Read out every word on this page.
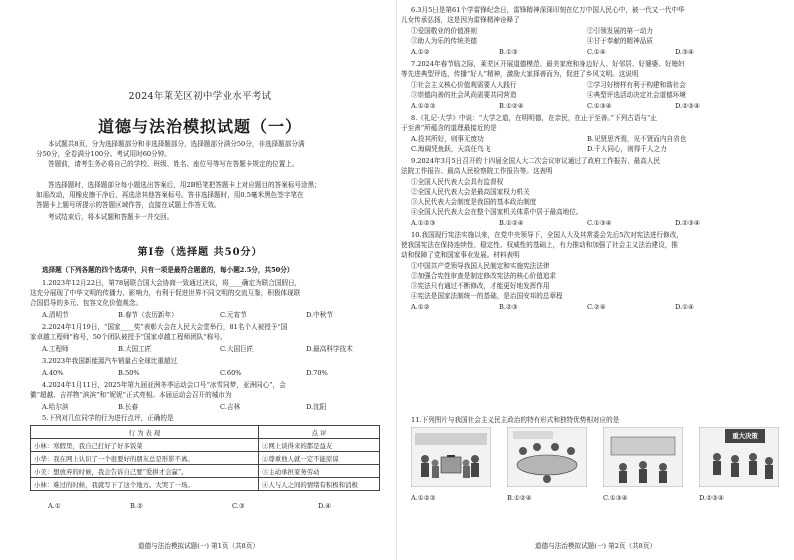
2024年莱芜区初中学业水平考试
道德与法治模拟试题（一）
本试题共8页，分为选择题部分和非选择题部分，选择题部分满分50分，非选择题部分满
分50分，全卷满分100分。考试用时60分钟。
答题前，请考生务必将自己的学校、班级、姓名、座位号等写在答题卡规定的位置上。
答选择题时，选择题部分每小题选出答案后，用2B铅笔把答题卡上对应题目的答案标号涂黑；
如需改动，用橡皮擦干净后，再选涂其他答案标号。答非选择题时，用0.5毫米黑色签字笔在
答题卡上题号所提示的答题区域作答，直接在试题上作答无效。
考试结束后，将本试题和答题卡一并交回。
第Ⅰ卷（选择题 共50分）
选择题（下列各题的四个选项中，只有一项是最符合题意的，每小题2.5分，共50分）
1.2023年12月22日，第78届联合国大会协商一致通过决议，将____确定为联合国假日，
这充分展现了中华文明的传播力、影响力，有利于促进世界不同文明的交流互鉴，积极体现联
合国倡导的多元、包容文化价值观念。
A.清明节	B.春节（农历新年）	C.元宵节	D.中秋节
2.2024年1月19日，“国家____奖”表彰大会在人民大会堂举行，81名个人被授予“国
家卓越工程师”称号，50个团队被授予“国家卓越工程师团队”称号。
A.工程师	B.大国工匠	C.大国巨匠	D.最高科学技术
3.2023年我国新能源汽车销量占全球比重超过
A.40%	B.50%	C.60%	D.70%
4.2024年1月11日，2025年第九届亚洲冬季运动会口号“冰雪同梦，亚洲同心”，会
徽“超越、吉祥物“滨滨”和“妮妮”正式亮相。本届运动会召开的城市为
A.哈尔滨	B.长春	C.吉林	D.沈阳
5.下列对几位同学的行为进行点评，正确的是
行 为 表 现	点 评
小林：寒假里，我自己打好了好多饭菜	①网上谈得来的都是益友
小华：我在网上认识了一个很要好的朋友总是形影不离。	②尊重他人就一定不能原谅
小美：想放弃的时候，我会告诉自己要“爱拼才会赢”。	③主动承担家务劳动
小林：难过的时候，我就写下了这个地方。大哭了一场。	④人与人之间的情绪有积极和消极
A.①	B.②	C.③	D.④
道德与法治模拟试题(一) 第1页（共8页）
6.3月5日是第61个学雷锋纪念日，雷锋精神深深印刻在亿万中国人民心中，被一代又一代中华
儿女传承弘扬，这是因为雷锋精神诠释了
①爱国敬业的价值准则	②引领发展的第一动力
③助人为乐的传统美德	④甘于奉献的精神品质
A.①②	B.①③	C.①④	D.③④
7.2024年春节临之际，莱芜区开展道德模范、最美家庭和身边好人、好邻居、好婆婆、好媳妇
等先进典型评选，传播“好人”精神，激励大家择善而为，促进了乡风文明。这说明
①社会主义核心价值观需要人人践行	②学习好榜样有利于构建和谐社会
③崇德向善的社会风尚需要共同营造	④典型评选活动决定社会道德环境
A.①②③	B.①②④	C.①③④	D.②③④
8.《礼记·大学》中说：“大学之道，在明明德，在亲民，在止于至善。”下列古语与“止
于至善”所蕴含的道理最接近的是
A.投其所好，则事无废功	B.见贤思齐焉，见不贤而内自省也
C.海阔凭鱼跃，天高任鸟飞	D.千人同心，则得千人之力
9.2024年3月5日召开的十四届全国人大二次会议审议通过了政府工作报告、最高人民
法院工作报告、最高人民检察院工作报告等。这表明
①全国人民代表大会具有监督权
②全国人民代表大会是最高国家权力机关
③人民代表大会制度是我国的基本政治制度
④全国人民代表大会在整个国家机关体系中居于最高地位。
A.①②③	B.①②④	C.①③④	D.②③④
10.我国现行宪法实施以来，在党中央领导下，全国人大及其常委会先后5次对宪法进行修改，
使我国宪法在保持连续性、稳定性、权威性的基础上，有力推动和加强了社会主义法治建设，推
动和保障了党和国家事业发展。材料表明
①中国共产党领导我国人民制定和实施宪法法律
②加强合宪性审查是制定修改宪法的核心价值追求
③宪法只有通过不断修改，才能更好地发挥作用
④宪法是国家法制统一的基础，是治国安邦的总章程
A.①②	B.②③	C.②④	D.①④
11.下列图片与我国社会主义民主政治的特有形式和独特优势相对应的是
重大决策
A.①②③	B.①②④	C.①③④	D.②③④
道德与法治模拟试题(一) 第2页（共8页）
